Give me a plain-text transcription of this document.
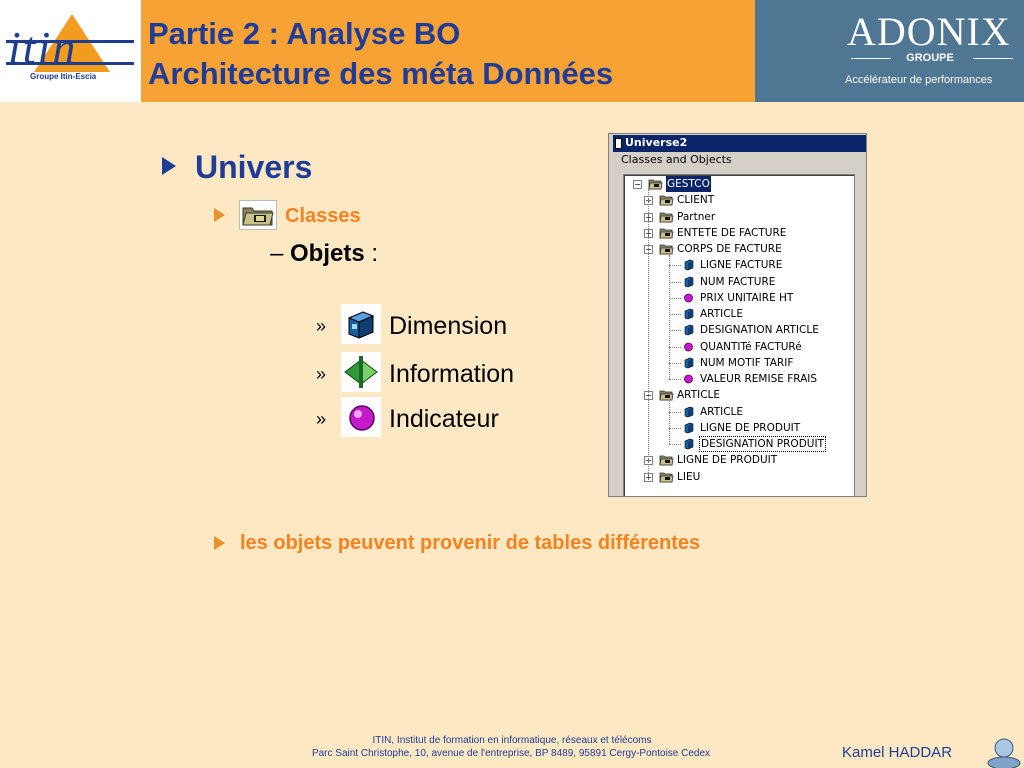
itin
Groupe Itin-Escia
Partie 2 : Analyse BO
Architecture des méta Données
ADONIX
GROUPE
Accélérateur de performances
Univers
Classes
– Objets :
»	Dimension
»	Information
»	Indicateur
les objets peuvent provenir de tables différentes
Universe2
Classes and Objects
− GESTCO
+ CLIENT
+ Partner
+ ENTETE DE FACTURE
− CORPS DE FACTURE
LIGNE FACTURE
NUM FACTURE
PRIX UNITAIRE HT
ARTICLE
DESIGNATION ARTICLE
QUANTITé FACTURé
NUM MOTIF TARIF
VALEUR REMISE FRAIS
− ARTICLE
ARTICLE
LIGNE DE PRODUIT
DESIGNATION PRODUIT
+ LIGNE DE PRODUIT
+ LIEU
ITIN, Institut de formation en informatique, réseaux et télécoms
Parc Saint Christophe, 10, avenue de l'entreprise, BP 8489, 95891 Cergy-Pontoise Cedex	Kamel HADDAR
